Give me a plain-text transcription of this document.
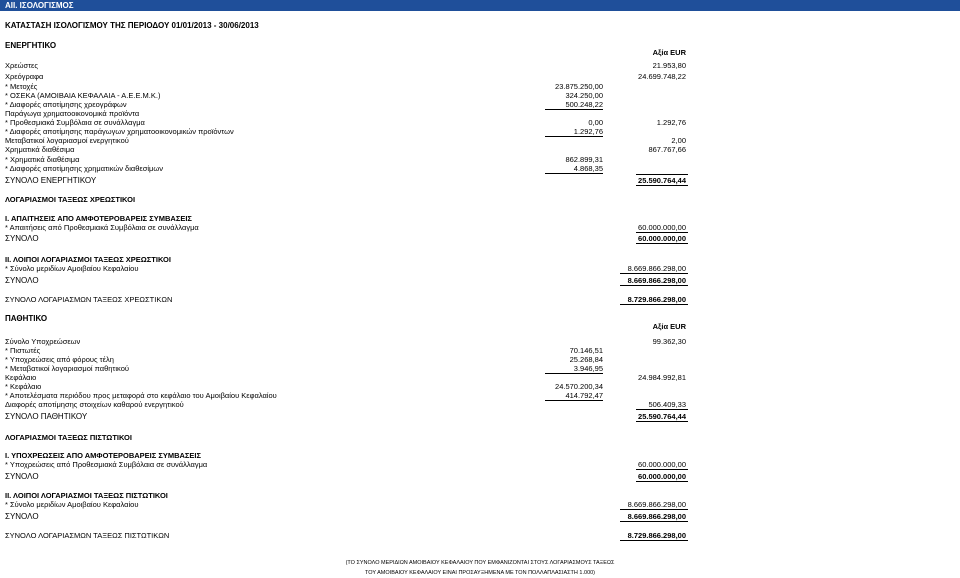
AII. ΙΣΟΛΟΓΙΣΜΟΣ
ΚΑΤΑΣΤΑΣΗ ΙΣΟΛΟΓΙΣΜΟΥ ΤΗΣ ΠΕΡΙΟΔΟΥ 01/01/2013 - 30/06/2013
ΕΝΕΡΓΗΤΙΚΟ
Αξία EUR
Χρεώστες	21.953,80
Χρεόγραφα	24.699.748,22
* Μετοχές	23.875.250,00
* ΟΣΕΚΑ (ΑΜΟΙΒΑΙΑ ΚΕΦΑΛΑΙΑ - Α.Ε.Ε.Μ.Κ.)	324.250,00
* Διαφορές αποτίμησης χρεογράφων	500.248,22
Παράγωγα χρηματοοικονομικά προϊόντα
* Προθεσμιακά Συμβόλαια σε συνάλλαγμα	0,00	1.292,76
* Διαφορές αποτίμησης παράγωγων χρηματοοικονομικών προϊόντων	1.292,76
Μεταβατικοί λογαριασμοί ενεργητικού	2,00
Χρηματικά διαθέσιμα	867.767,66
* Χρηματικά διαθέσιμα	862.899,31
* Διαφορές αποτίμησης χρηματικών διαθεσίμων	4.868,35
ΣΥΝΟΛΟ ΕΝΕΡΓΗΤΙΚΟΥ	25.590.764,44
ΛΟΓΑΡΙΑΣΜΟΙ ΤΑΞΕΩΣ ΧΡΕΩΣΤΙΚΟΙ
Ι. ΑΠΑΙΤΗΣΕΙΣ ΑΠΟ ΑΜΦΟΤΕΡΟΒΑΡΕΙΣ ΣΥΜΒΑΣΕΙΣ
* Απαιτήσεις από Προθεσμιακά Συμβόλαια σε συνάλλαγμα	60.000.000,00
ΣΥΝΟΛΟ	60.000.000,00
ΙΙ. ΛΟΙΠΟΙ ΛΟΓΑΡΙΑΣΜΟΙ ΤΑΞΕΩΣ ΧΡΕΩΣΤΙΚΟΙ
* Σύνολο μεριδίων Αμοιβαίου Κεφαλαίου	8.669.866.298,00
ΣΥΝΟΛΟ	8.669.866.298,00
ΣΥΝΟΛΟ ΛΟΓΑΡΙΑΣΜΩΝ ΤΑΞΕΩΣ ΧΡΕΩΣΤΙΚΩΝ	8.729.866.298,00
ΠΑΘΗΤΙΚΟ
Αξία EUR
Σύνολο Υποχρεώσεων	99.362,30
* Πιστωτές	70.146,51
* Υποχρεώσεις από φόρους τέλη	25.268,84
* Μεταβατικοί λογαριασμοί παθητικού	3.946,95
Κεφάλαιο	24.984.992,81
* Κεφάλαιο	24.570.200,34
* Αποτελέσματα περιόδου προς μεταφορά στο κεφάλαιο του Αμοιβαίου Κεφαλαίου	414.792,47
Διαφορές αποτίμησης στοιχείων καθαρού ενεργητικού	506.409,33
ΣΥΝΟΛΟ ΠΑΘΗΤΙΚΟΥ	25.590.764,44
ΛΟΓΑΡΙΑΣΜΟΙ ΤΑΞΕΩΣ ΠΙΣΤΩΤΙΚΟΙ
Ι. ΥΠΟΧΡΕΩΣΕΙΣ ΑΠΟ ΑΜΦΟΤΕΡΟΒΑΡΕΙΣ ΣΥΜΒΑΣΕΙΣ
* Υποχρεώσεις από Προθεσμιακά Συμβόλαια σε συνάλλαγμα	60.000.000,00
ΣΥΝΟΛΟ	60.000.000,00
ΙΙ. ΛΟΙΠΟΙ ΛΟΓΑΡΙΑΣΜΟΙ ΤΑΞΕΩΣ ΠΙΣΤΩΤΙΚΟΙ
* Σύνολο μεριδίων Αμοιβαίου Κεφαλαίου	8.669.866.298,00
ΣΥΝΟΛΟ	8.669.866.298,00
ΣΥΝΟΛΟ ΛΟΓΑΡΙΑΣΜΩΝ ΤΑΞΕΩΣ ΠΙΣΤΩΤΙΚΩΝ	8.729.866.298,00
(ΤΟ ΣΥΝΟΛΟ ΜΕΡΙΔΙΩΝ ΑΜΟΙΒΑΙΟΥ ΚΕΦΑΛΑΙΟΥ ΠΟΥ ΕΜΦΑΝΙΖΟΝΤΑΙ ΣΤΟΥΣ ΛΟΓΑΡΙΑΣΜΟΥΣ ΤΑΞΕΩΣ
ΤΟΥ ΑΜΟΙΒΑΙΟΥ ΚΕΦΑΛΑΙΟΥ ΕΙΝΑΙ ΠΡΟΣΑΥΞΗΜΕΝΑ ΜΕ ΤΟΝ ΠΟΛΛΑΠΛΑΣΙΑΣΤΗ 1.000)
